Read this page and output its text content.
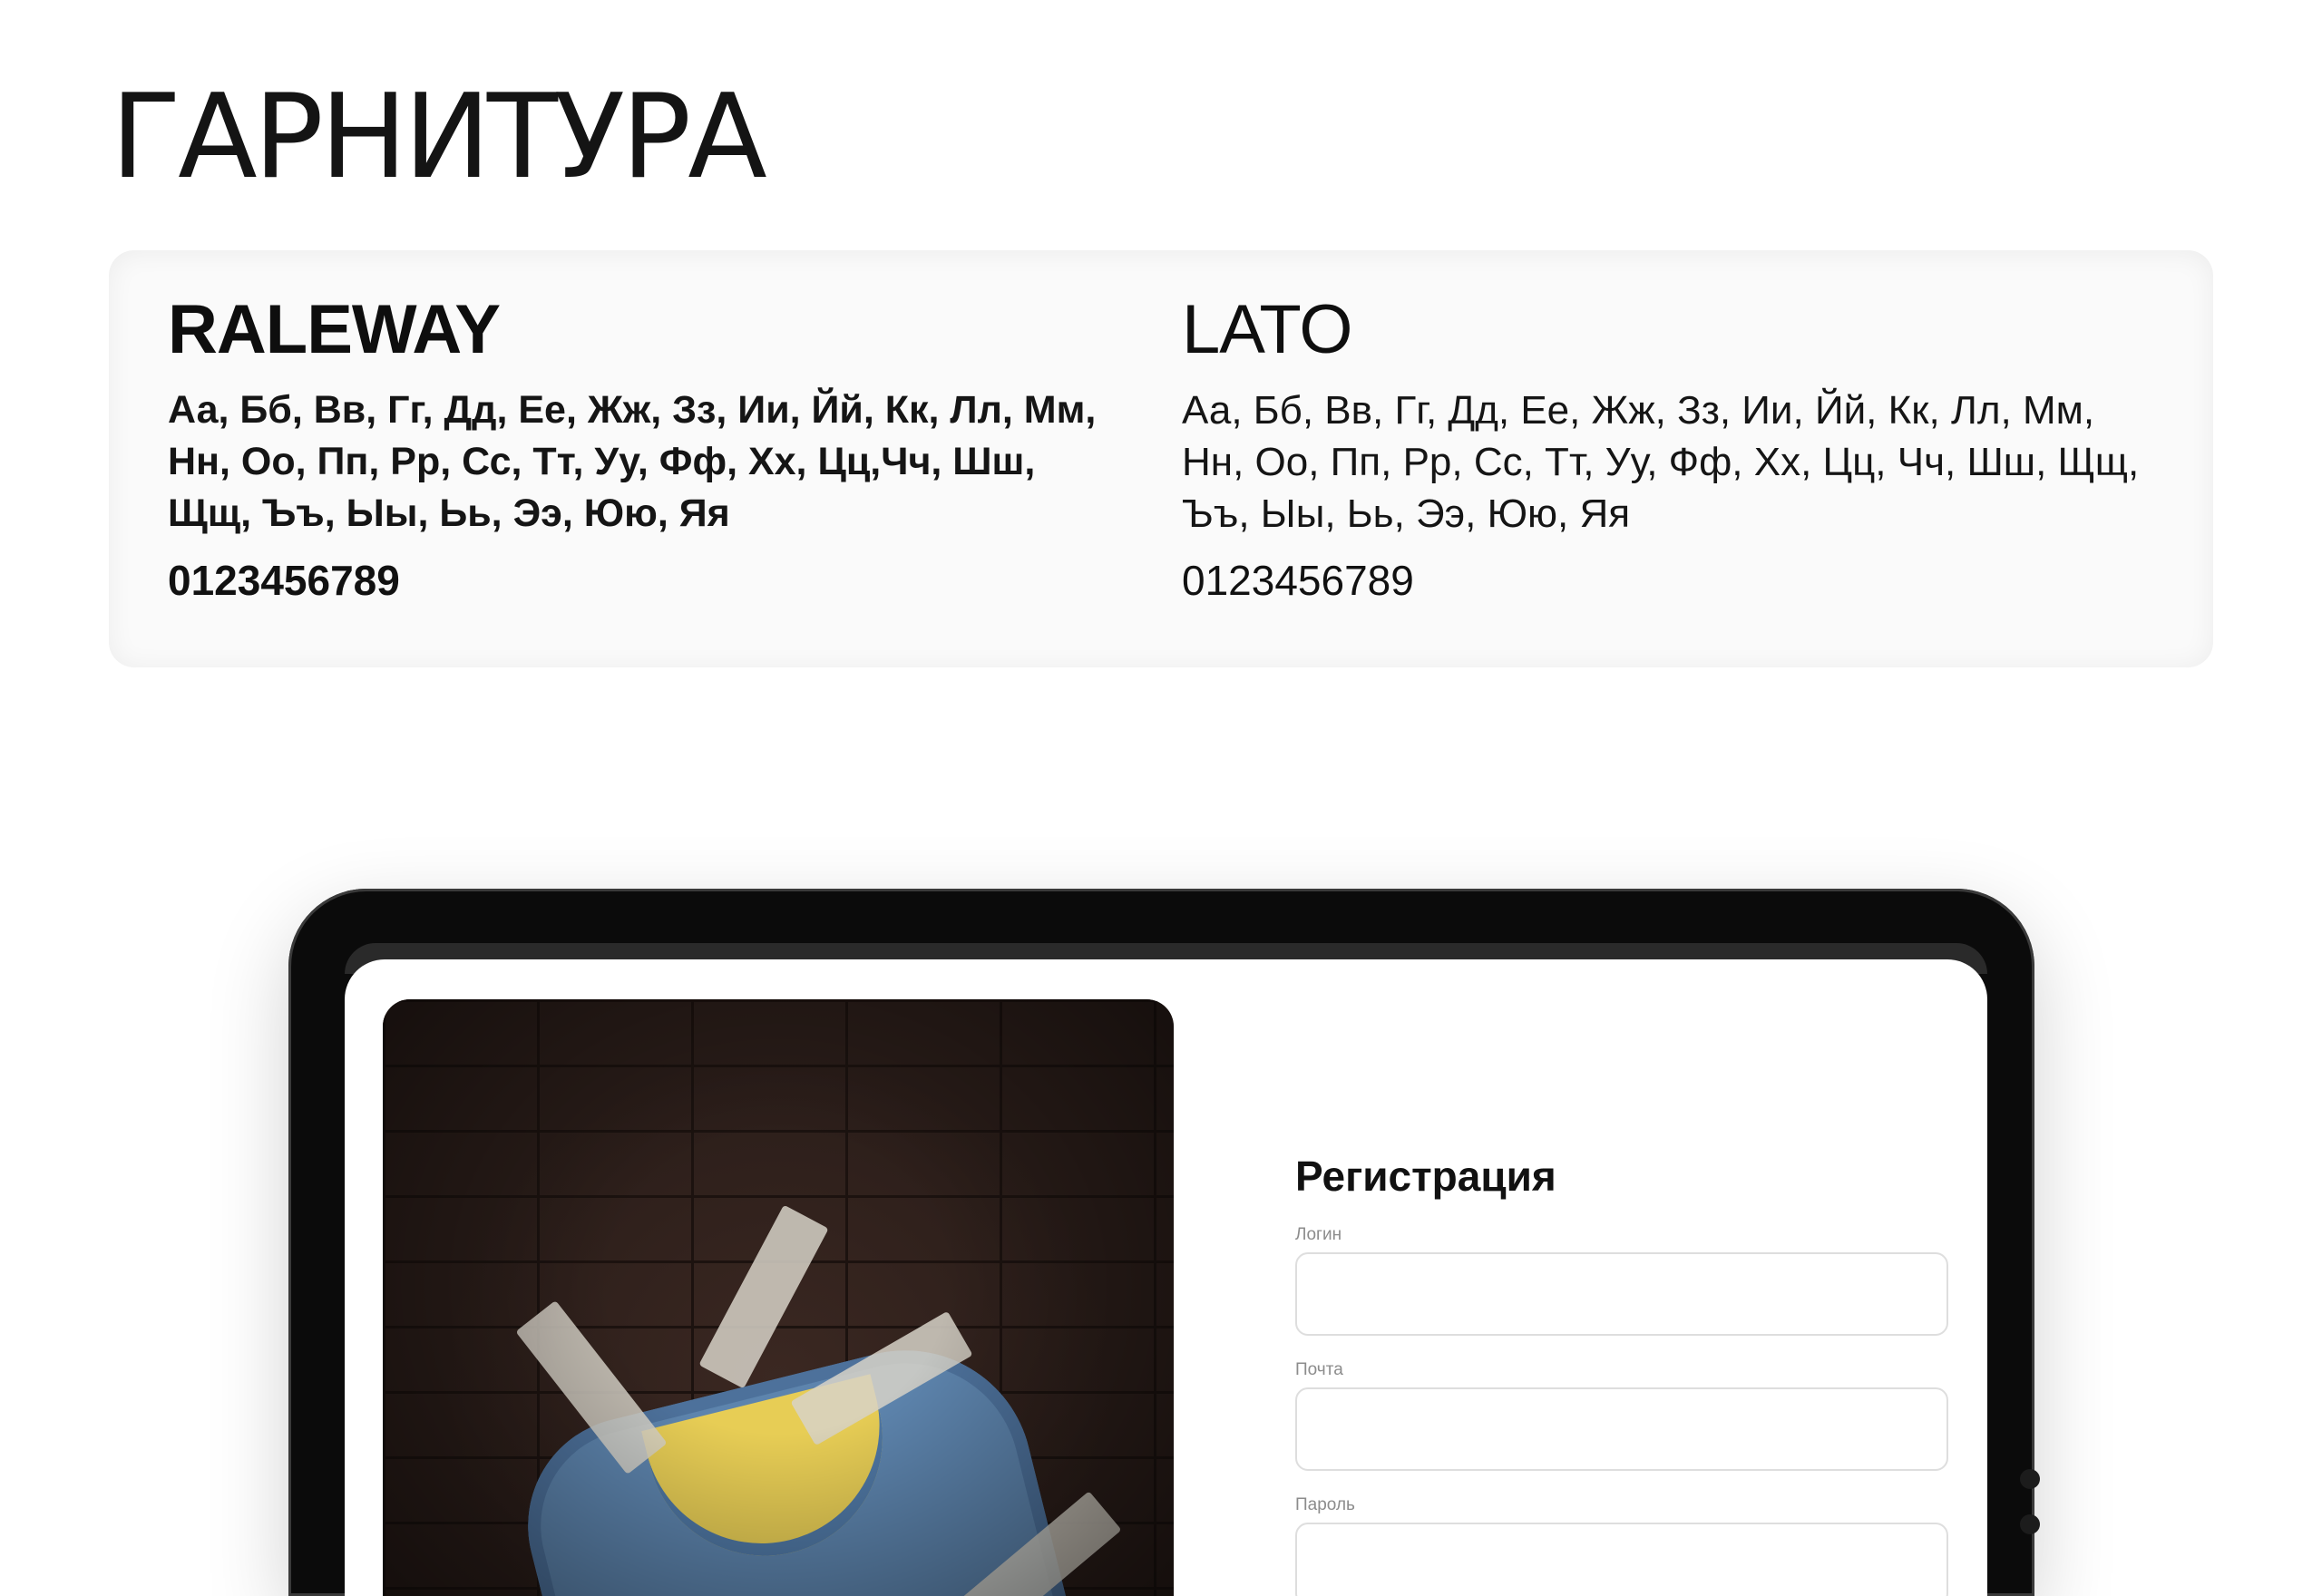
ГАРНИТУРА

RALEWAY

Аа, Бб, Вв, Гг, Дд, Ее, Жж, Зз, Ии, Йй, Кк, Лл, Мм, Нн, Оо, Пп, Рр, Сс, Тт, Уу, Фф, Хх, Цц,Чч, Шш, Щщ, Ъъ, Ыы, Ьь, Ээ, Юю, Яя

0123456789

LATO

Аа, Бб, Вв, Гг, Дд, Ее, Жж, Зз, Ии, Йй, Кк, Лл, Мм, Нн, Оо, Пп, Рр, Сс, Тт, Уу, Фф, Хх, Цц, Чч, Шш, Щщ, Ъъ, Ыы, Ьь, Ээ, Юю, Яя

0123456789

Регистрация

Логин

Почта

Пароль
